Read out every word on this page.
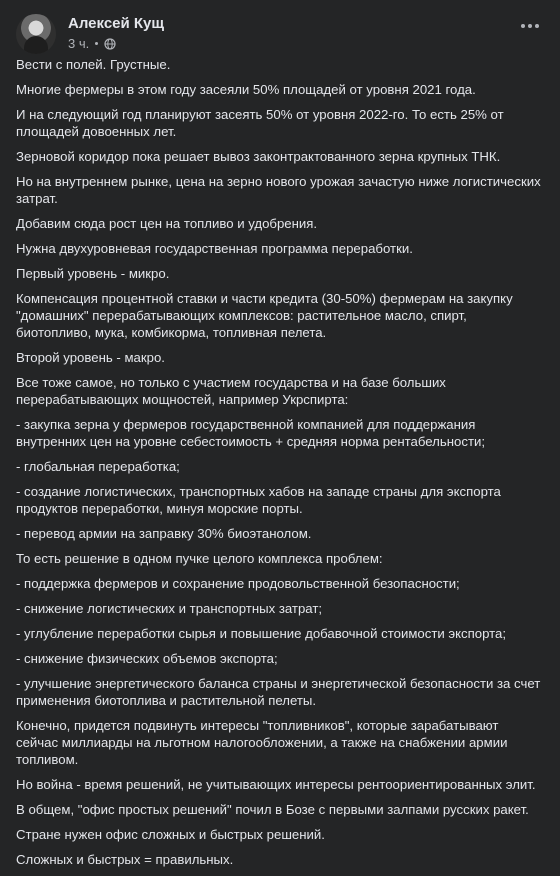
Алексей Кущ
3 ч.

Вести с полей. Грустные.

Многие фермеры в этом году засеяли 50% площадей от уровня 2021 года.

И на следующий год планируют засеять 50% от уровня 2022-го. То есть 25% от площадей довоенных лет.

Зерновой коридор пока решает вывоз законтрактованного зерна крупных ТНК.

Но на внутреннем рынке, цена на зерно нового урожая зачастую ниже логистических затрат.

Добавим сюда рост цен на топливо и удобрения.

Нужна двухуровневая государственная программа переработки.

Первый уровень - микро.

Компенсация процентной ставки и части кредита (30-50%) фермерам на закупку "домашних" перерабатывающих комплексов: растительное масло, спирт, биотопливо, мука, комбикорма, топливная пелета.

Второй уровень - макро.

Все тоже самое, но только с участием государства и на базе больших перерабатывающих мощностей, например Укрспирта:

- закупка зерна у фермеров государственной компанией для поддержания внутренних цен на уровне себестоимость + средняя норма рентабельности;

- глобальная переработка;

- создание логистических, транспортных хабов на западе страны для экспорта продуктов переработки, минуя морские порты.

- перевод армии на заправку 30% биоэтанолом.

То есть решение в одном пучке целого комплекса проблем:

- поддержка фермеров и сохранение продовольственной безопасности;

- снижение логистических и транспортных затрат;

- углубление переработки сырья и повышение добавочной стоимости экспорта;

- снижение физических объемов экспорта;

- улучшение энергетического баланса страны и энергетической безопасности за счет применения биотоплива и растительной пелеты.

Конечно, придется подвинуть интересы "топливников", которые зарабатывают сейчас миллиарды на льготном налогообложении, а также на снабжении армии топливом.

Но война - время решений, не учитывающих интересы рентоориентированных элит.

В общем, "офис простых решений" почил в Бозе с первыми залпами русских ракет.

Стране нужен офис сложных и быстрых решений.

Сложных и быстрых = правильных.
